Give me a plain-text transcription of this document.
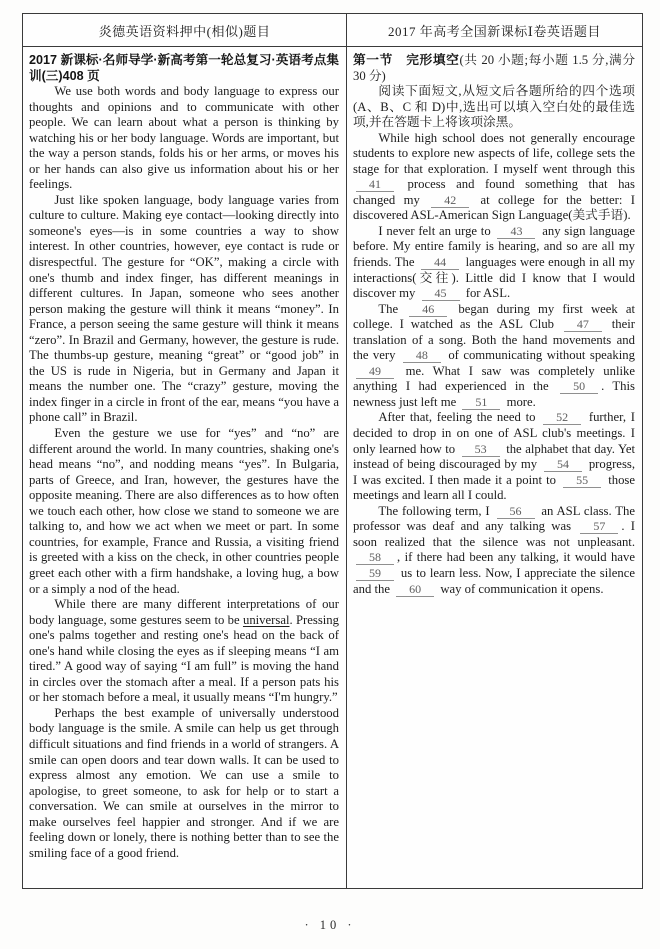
炎德英语资料押中(相似)题目	2017 年高考全国新课标Ⅰ卷英语题目
2017 新课标·名师导学·新高考第一轮总复习·英语考点集训(三)408 页

We use both words and body language to express our thoughts and opinions and to communicate with other people. We can learn about what a person is thinking by watching his or her body language. Words are important, but the way a person stands, folds his or her arms, or moves his or her hands can also give us information about his or her feelings.

Just like spoken language, body language varies from culture to culture. Making eye contact—looking directly into someone's eyes—is in some countries a way to show interest. In other countries, however, eye contact is rude or disrespectful. The gesture for “OK”, making a circle with one's thumb and index finger, has different meanings in different cultures. In Japan, someone who sees another person making the gesture will think it means “money”. In France, a person seeing the same gesture will think it means “zero”. In Brazil and Germany, however, the gesture is rude. The thumbs-up gesture, meaning “great” or “good job” in the US is rude in Nigeria, but in Germany and Japan it means the number one. The “crazy” gesture, moving the index finger in a circle in front of the ear, means “you have a phone call” in Brazil.

Even the gesture we use for “yes” and “no” are different around the world. In many countries, shaking one's head means “no”, and nodding means “yes”. In Bulgaria, parts of Greece, and Iran, however, the gestures have the opposite meaning. There are also differences as to how often we touch each other, how close we stand to someone we are talking to, and how we act when we meet or part. In some countries, for example, France and Russia, a visiting friend is greeted with a kiss on the check, in other countries people greet each other with a firm handshake, a loving hug, a bow or a simply a nod of the head.

While there are many different interpretations of our body language, some gestures seem to be universal. Pressing one's palms together and resting one's head on the back of one's hand while closing the eyes as if sleeping means “I am tired.” A good way of saying “I am full” is moving the hand in circles over the stomach after a meal. If a person pats his or her stomach before a meal, it usually means “I'm hungry.”

Perhaps the best example of universally understood body language is the smile. A smile can help us get through difficult situations and find friends in a world of strangers. A smile can open doors and tear down walls. It can be used to express almost any emotion. We can use a smile to apologise, to greet someone, to ask for help or to start a conversation. We can smile at ourselves in the mirror to make ourselves feel happier and stronger. And if we are feeling down or lonely, there is nothing better than to see the smiling face of a good friend.

第一节　完形填空(共 20 小题;每小题 1.5 分,满分 30 分)

阅读下面短文,从短文后各题所给的四个选项(A、B、C 和 D)中,选出可以填入空白处的最佳选项,并在答题卡上将该项涂黑。

While high school does not generally encourage students to explore new aspects of life, college sets the stage for that exploration. I myself went through this 41 process and found something that has changed my 42 at college for the better: I discovered ASL-American Sign Language(美式手语).

I never felt an urge to 43 any sign language before. My entire family is hearing, and so are all my friends. The 44 languages were enough in all my interactions(交往). Little did I know that I would discover my 45 for ASL.

The 46 began during my first week at college. I watched as the ASL Club 47 their translation of a song. Both the hand movements and the very 48 of communicating without speaking 49 me. What I saw was completely unlike anything I had experienced in the 50 . This newness just left me 51 more.

After that, feeling the need to 52 further, I decided to drop in on one of ASL club's meetings. I only learned how to 53 the alphabet that day. Yet instead of being discouraged by my 54 progress, I was excited. I then made it a point to 55 those meetings and learn all I could.

The following term, I 56 an ASL class. The professor was deaf and any talking was 57 . I soon realized that the silence was not unpleasant. 58 , if there had been any talking, it would have 59 us to learn less. Now, I appreciate the silence and the 60 way of communication it opens.

· 10 ·
